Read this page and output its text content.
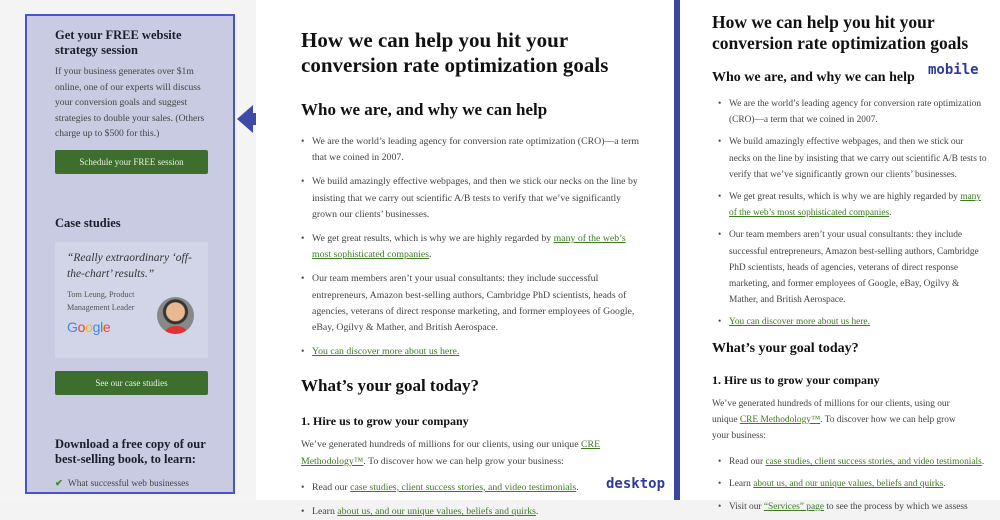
Get your FREE website strategy session

If your business generates over $1m online, one of our experts will discuss your conversion goals and suggest strategies to double your sales. (Others charge up to $500 for this.)

Schedule your FREE session
Case studies
“Really extraordinary ‘off-the-chart’ results.”
Tom Leung, Product Management Leader
Google
See our case studies
Download a free copy of our best-selling book, to learn:
✔ What successful web businesses
How we can help you hit your conversion rate optimization goals
Who we are, and why we can help
• We are the world’s leading agency for conversion rate optimization (CRO)—a term that we coined in 2007.
• We build amazingly effective webpages, and then we stick our necks on the line by insisting that we carry out scientific A/B tests to verify that we’ve significantly grown our clients’ businesses.
• We get great results, which is why we are highly regarded by many of the web’s most sophisticated companies.
• Our team members aren’t your usual consultants: they include successful entrepreneurs, Amazon best-selling authors, Cambridge PhD scientists, heads of agencies, veterans of direct response marketing, and former employees of Google, eBay, Ogilvy & Mather, and British Aerospace.
• You can discover more about us here.
What’s your goal today?
1. Hire us to grow your company

We’ve generated hundreds of millions for our clients, using our unique CRE Methodology™. To discover how we can help grow your business:

• Read our case studies, client success stories, and video testimonials.
• Learn about us, and our unique values, beliefs and quirks.
desktop
How we can help you hit your conversion rate optimization goals
Who we are, and why we can help
• We are the world’s leading agency for conversion rate optimization (CRO)—a term that we coined in 2007.
• We build amazingly effective webpages, and then we stick our necks on the line by insisting that we carry out scientific A/B tests to verify that we’ve significantly grown our clients’ businesses.
• We get great results, which is why we are highly regarded by many of the web’s most sophisticated companies.
• Our team members aren’t your usual consultants: they include successful entrepreneurs, Amazon best-selling authors, Cambridge PhD scientists, heads of agencies, veterans of direct response marketing, and former employees of Google, eBay, Ogilvy & Mather, and British Aerospace.
• You can discover more about us here.
What’s your goal today?
1. Hire us to grow your company

We’ve generated hundreds of millions for our clients, using our unique CRE Methodology™. To discover how we can help grow your business:

• Read our case studies, client success stories, and video testimonials.
• Learn about us, and our unique values, beliefs and quirks.
• Visit our “Services” page to see the process by which we assess
mobile
